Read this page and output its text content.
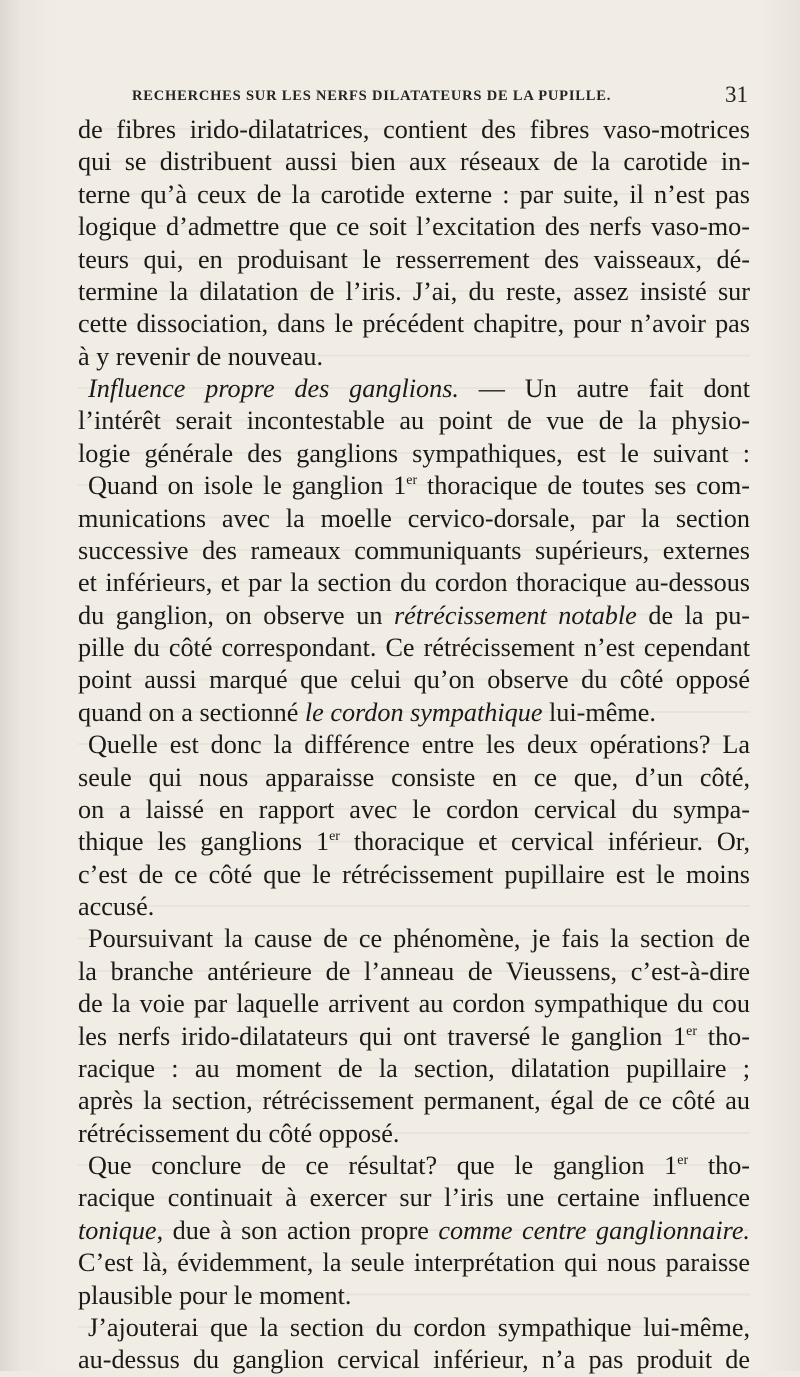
RECHERCHES SUR LES NERFS DILATATEURS DE LA PUPILLE.	31
de fibres irido-dilatatrices, contient des fibres vaso-motrices
qui se distribuent aussi bien aux réseaux de la carotide in-
terne qu’à ceux de la carotide externe : par suite, il n’est pas
logique d’admettre que ce soit l’excitation des nerfs vaso-mo-
teurs qui, en produisant le resserrement des vaisseaux, dé-
termine la dilatation de l’iris. J’ai, du reste, assez insisté sur
cette dissociation, dans le précédent chapitre, pour n’avoir pas
à y revenir de nouveau.
Influence propre des ganglions. — Un autre fait dont
l’intérêt serait incontestable au point de vue de la physio-
logie générale des ganglions sympathiques, est le suivant :
Quand on isole le ganglion 1er thoracique de toutes ses com-
munications avec la moelle cervico-dorsale, par la section
successive des rameaux communiquants supérieurs, externes
et inférieurs, et par la section du cordon thoracique au-dessous
du ganglion, on observe un rétrécissement notable de la pu-
pille du côté correspondant. Ce rétrécissement n’est cependant
point aussi marqué que celui qu’on observe du côté opposé
quand on a sectionné le cordon sympathique lui-même.
Quelle est donc la différence entre les deux opérations? La
seule qui nous apparaisse consiste en ce que, d’un côté,
on a laissé en rapport avec le cordon cervical du sympa-
thique les ganglions 1er thoracique et cervical inférieur. Or,
c’est de ce côté que le rétrécissement pupillaire est le moins
accusé.
Poursuivant la cause de ce phénomène, je fais la section de
la branche antérieure de l’anneau de Vieussens, c’est-à-dire
de la voie par laquelle arrivent au cordon sympathique du cou
les nerfs irido-dilatateurs qui ont traversé le ganglion 1er tho-
racique : au moment de la section, dilatation pupillaire ;
après la section, rétrécissement permanent, égal de ce côté au
rétrécissement du côté opposé.
Que conclure de ce résultat? que le ganglion 1er tho-
racique continuait à exercer sur l’iris une certaine influence
tonique, due à son action propre comme centre ganglionnaire.
C’est là, évidemment, la seule interprétation qui nous paraisse
plausible pour le moment.
J’ajouterai que la section du cordon sympathique lui-même,
au-dessus du ganglion cervical inférieur, n’a pas produit de
